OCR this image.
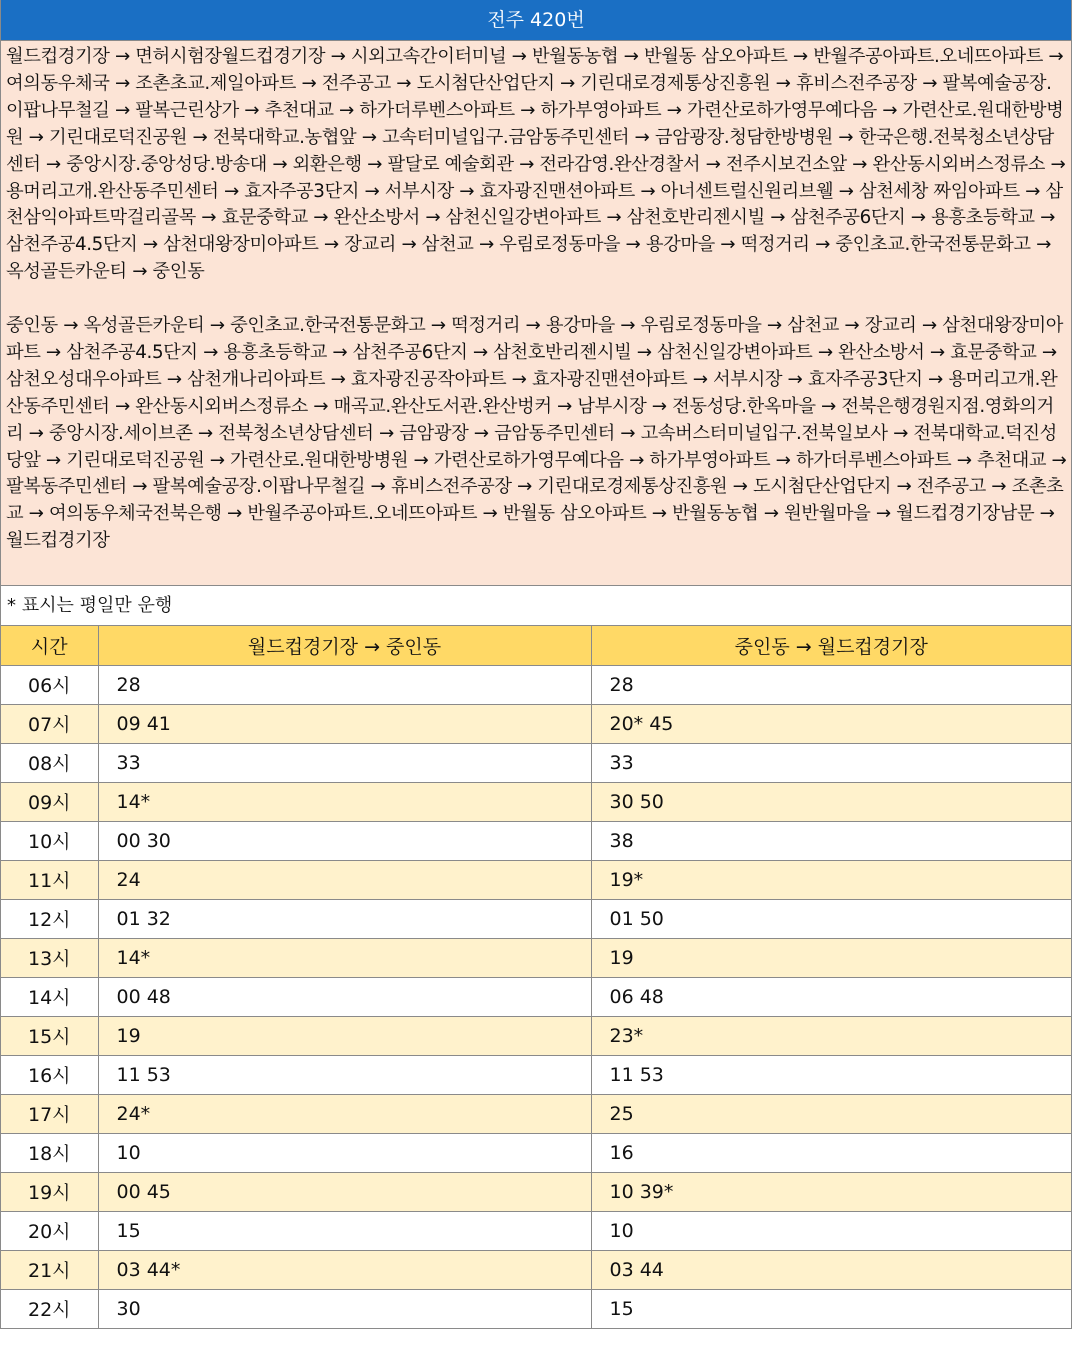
전주 420번

월드컵경기장 → 면허시험장월드컵경기장 → 시외고속간이터미널 → 반월동농협 → 반월동 삼오아파트 → 반월주공아파트.오네뜨아파트 → 여의동우체국 → 조촌초교.제일아파트 → 전주공고 → 도시첨단산업단지 → 기린대로경제통상진흥원 → 휴비스전주공장 → 팔복예술공장.이팝나무철길 → 팔복근린상가 → 추천대교 → 하가더루벤스아파트 → 하가부영아파트 → 가련산로하가영무예다음 → 가련산로.원대한방병원 → 기린대로덕진공원 → 전북대학교.농협앞 → 고속터미널입구.금암동주민센터 → 금암광장.청담한방병원 → 한국은행.전북청소년상담센터 → 중앙시장.중앙성당.방송대 → 외환은행 → 팔달로 예술회관 → 전라감영.완산경찰서 → 전주시보건소앞 → 완산동시외버스정류소 → 용머리고개.완산동주민센터 → 효자주공3단지 → 서부시장 → 효자광진맨션아파트 → 아너센트럴신원리브웰 → 삼천세창 짜임아파트 → 삼천삼익아파트막걸리골목 → 효문중학교 → 완산소방서 → 삼천신일강변아파트 → 삼천호반리젠시빌 → 삼천주공6단지 → 용흥초등학교 → 삼천주공4.5단지 → 삼천대왕장미아파트 → 장교리 → 삼천교 → 우림로정동마을 → 용강마을 → 떡정거리 → 중인초교.한국전통문화고 → 옥성골든카운티 → 중인동

중인동 → 옥성골든카운티 → 중인초교.한국전통문화고 → 떡정거리 → 용강마을 → 우림로정동마을 → 삼천교 → 장교리 → 삼천대왕장미아파트 → 삼천주공4.5단지 → 용흥초등학교 → 삼천주공6단지 → 삼천호반리젠시빌 → 삼천신일강변아파트 → 완산소방서 → 효문중학교 → 삼천오성대우아파트 → 삼천개나리아파트 → 효자광진공작아파트 → 효자광진맨션아파트 → 서부시장 → 효자주공3단지 → 용머리고개.완산동주민센터 → 완산동시외버스정류소 → 매곡교.완산도서관.완산벙커 → 남부시장 → 전동성당.한옥마을 → 전북은행경원지점.영화의거리 → 중앙시장.세이브존 → 전북청소년상담센터 → 금암광장 → 금암동주민센터 → 고속버스터미널입구.전북일보사 → 전북대학교.덕진성당앞 → 기린대로덕진공원 → 가련산로.원대한방병원 → 가련산로하가영무예다음 → 하가부영아파트 → 하가더루벤스아파트 → 추천대교 → 팔복동주민센터 → 팔복예술공장.이팝나무철길 → 휴비스전주공장 → 기린대로경제통상진흥원 → 도시첨단산업단지 → 전주공고 → 조촌초교 → 여의동우체국전북은행 → 반월주공아파트.오네뜨아파트 → 반월동 삼오아파트 → 반월동농협 → 원반월마을 → 월드컵경기장남문 → 월드컵경기장

* 표시는 평일만 운행
시간	월드컵경기장 → 중인동	중인동 → 월드컵경기장
06시	28	28
07시	09 41	20* 45
08시	33	33
09시	14*	30 50
10시	00 30	38
11시	24	19*
12시	01 32	01 50
13시	14*	19
14시	00 48	06 48
15시	19	23*
16시	11 53	11 53
17시	24*	25
18시	10	16
19시	00 45	10 39*
20시	15	10
21시	03 44*	03 44
22시	30	15
